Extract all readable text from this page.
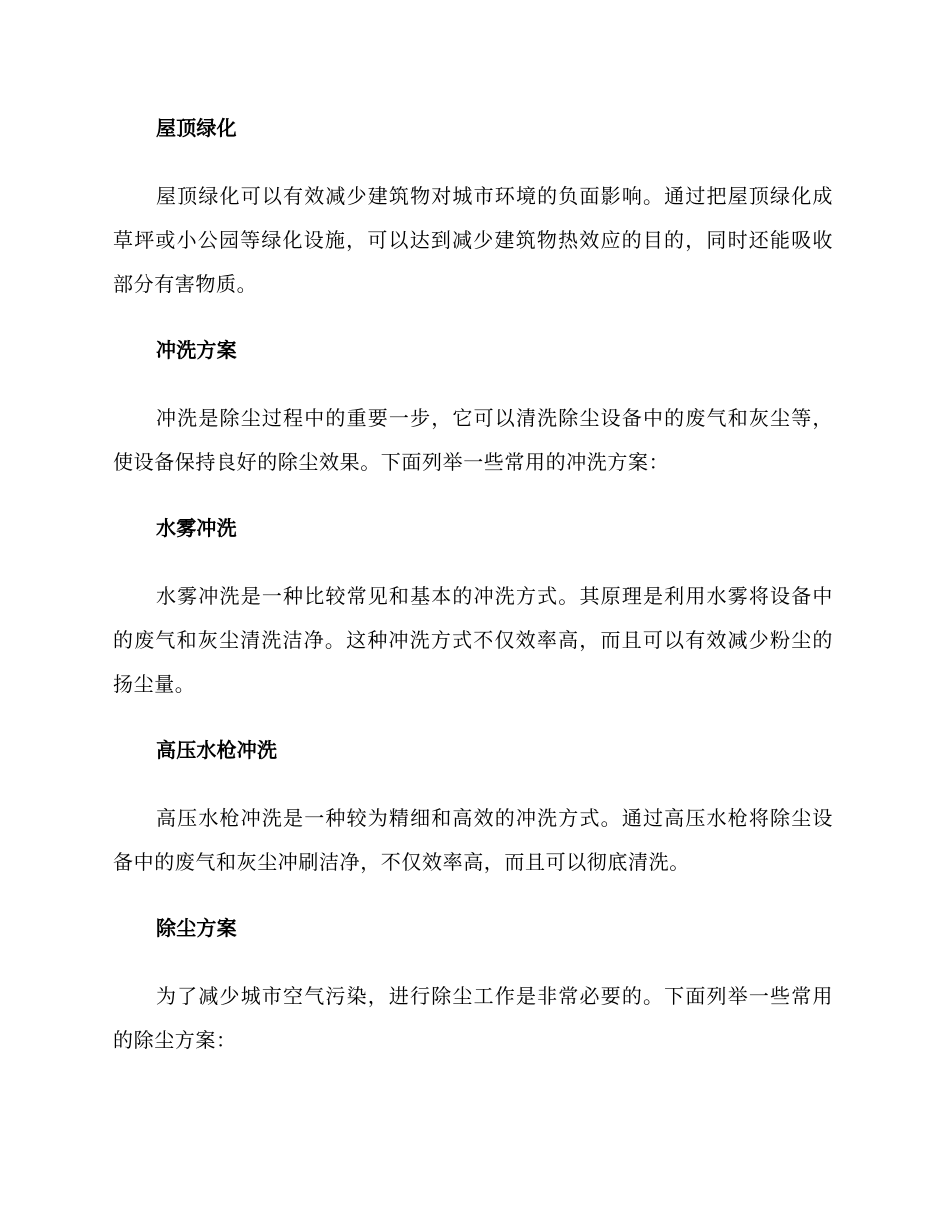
屋顶绿化

屋顶绿化可以有效减少建筑物对城市环境的负面影响。通过把屋顶绿化成草坪或小公园等绿化设施，可以达到减少建筑物热效应的目的，同时还能吸收部分有害物质。

冲洗方案

冲洗是除尘过程中的重要一步，它可以清洗除尘设备中的废气和灰尘等，使设备保持良好的除尘效果。下面列举一些常用的冲洗方案：

水雾冲洗

水雾冲洗是一种比较常见和基本的冲洗方式。其原理是利用水雾将设备中的废气和灰尘清洗洁净。这种冲洗方式不仅效率高，而且可以有效减少粉尘的扬尘量。

高压水枪冲洗

高压水枪冲洗是一种较为精细和高效的冲洗方式。通过高压水枪将除尘设备中的废气和灰尘冲刷洁净，不仅效率高，而且可以彻底清洗。

除尘方案

为了减少城市空气污染，进行除尘工作是非常必要的。下面列举一些常用的除尘方案：
